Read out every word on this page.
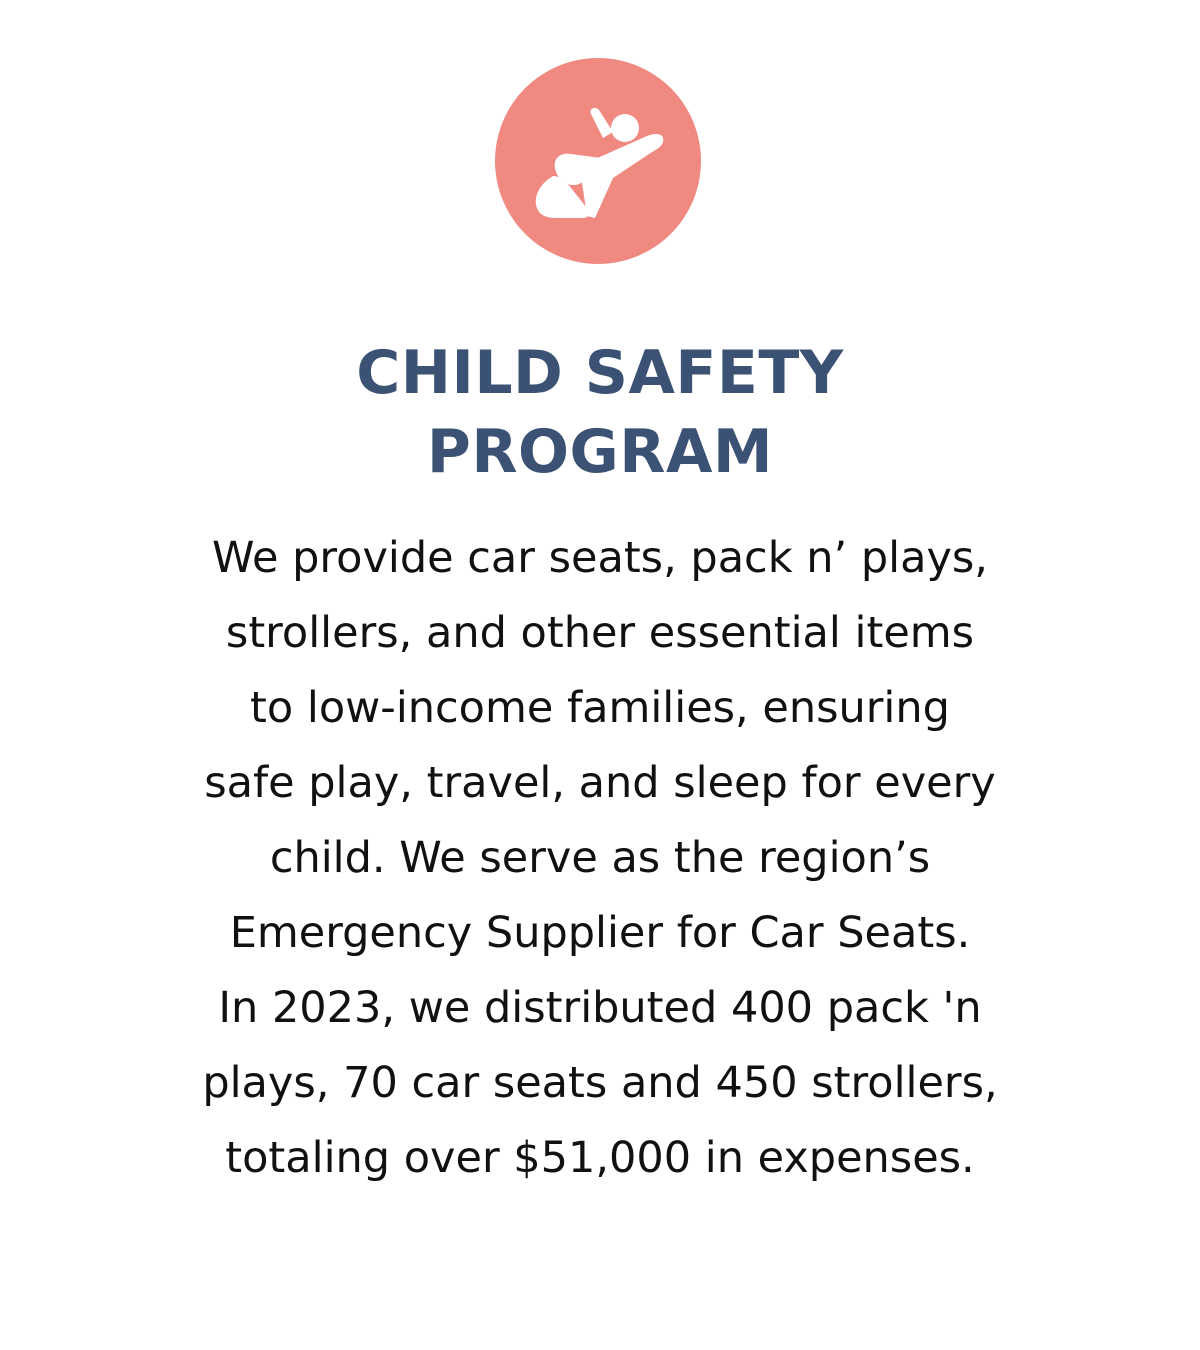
CHILD SAFETY
PROGRAM

We provide car seats, pack n’ plays,
strollers, and other essential items
to low-income families, ensuring
safe play, travel, and sleep for every
child. We serve as the region’s
Emergency Supplier for Car Seats.
In 2023, we distributed 400 pack 'n
plays, 70 car seats and 450 strollers,
totaling over $51,000 in expenses.
